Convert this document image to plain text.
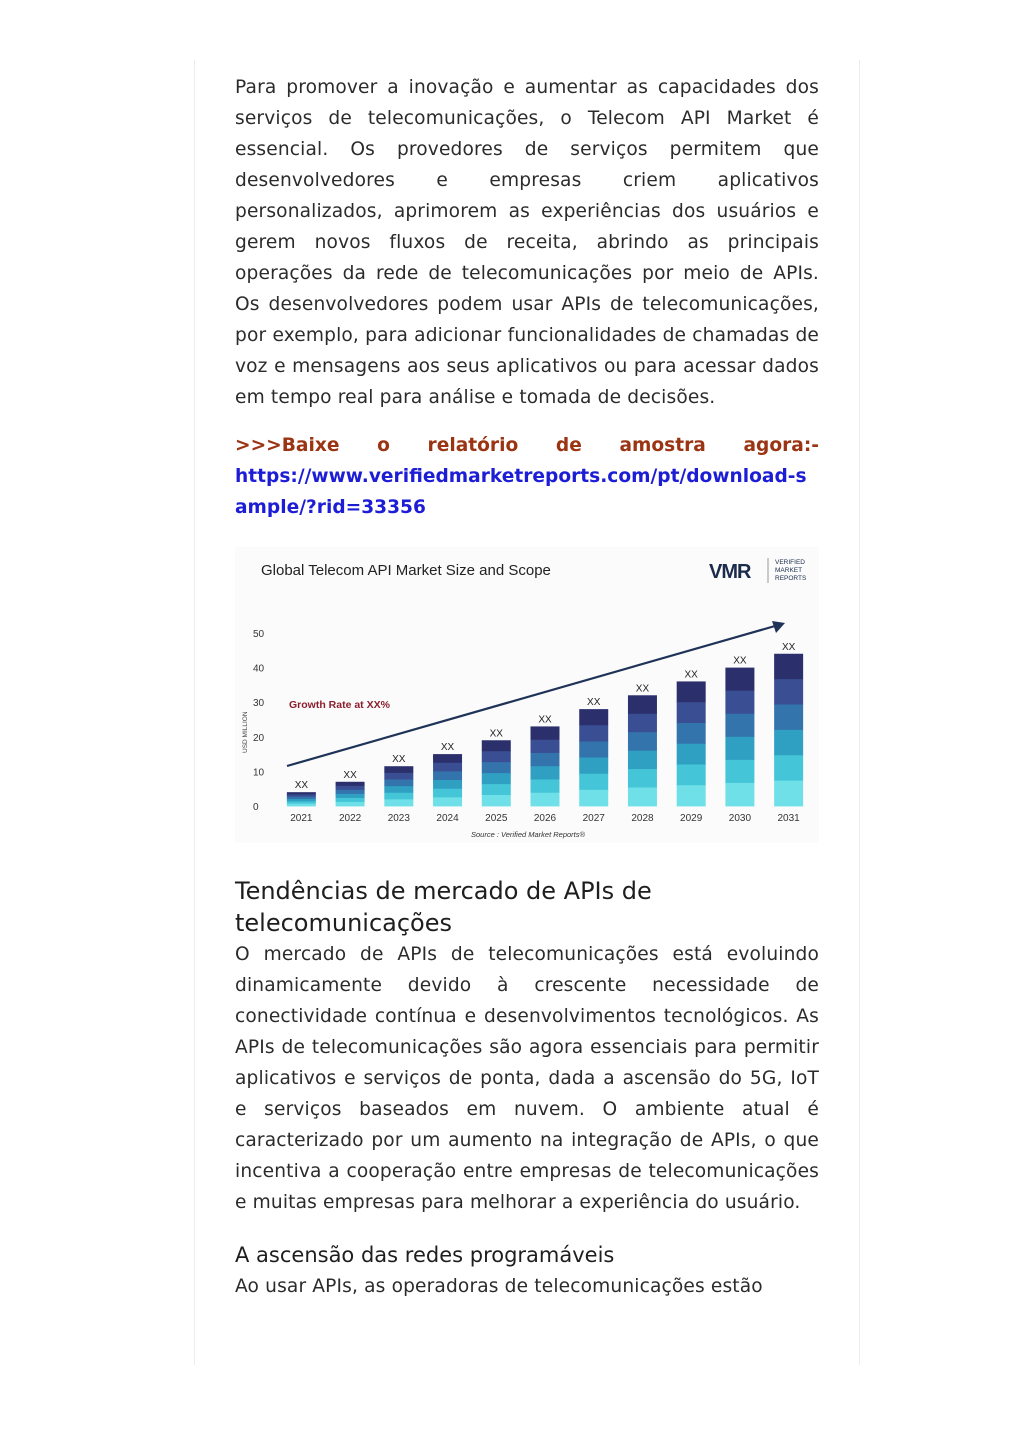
Para promover a inovação e aumentar as capacidades dos serviços de telecomunicações, o Telecom API Market é essencial. Os provedores de serviços permitem que desenvolvedores e empresas criem aplicativos personalizados, aprimorem as experiências dos usuários e gerem novos fluxos de receita, abrindo as principais operações da rede de telecomunicações por meio de APIs. Os desenvolvedores podem usar APIs de telecomunicações, por exemplo, para adicionar funcionalidades de chamadas de voz e mensagens aos seus aplicativos ou para acessar dados em tempo real para análise e tomada de decisões.

>>>Baixe o relatório de amostra agora:-

https://www.verifiedmarketreports.com/pt/download-sample/?rid=33356

Global Telecom API Market Size and Scope	VMR	VERIFIED
MARKET
REPORTS
USD MILLION
Growth Rate at XX%
0
10
20
30
40
50
XX
XX
XX
XX
XX
XX
XX
XX
XX
XX
XX
2021	2022	2023	2024	2025	2026	2027	2028	2029	2030	2031
Source : Verified Market Reports®
Tendências de mercado de APIs de telecomunicações

O mercado de APIs de telecomunicações está evoluindo dinamicamente devido à crescente necessidade de conectividade contínua e desenvolvimentos tecnológicos. As APIs de telecomunicações são agora essenciais para permitir aplicativos e serviços de ponta, dada a ascensão do 5G, IoT e serviços baseados em nuvem. O ambiente atual é caracterizado por um aumento na integração de APIs, o que incentiva a cooperação entre empresas de telecomunicações e muitas empresas para melhorar a experiência do usuário.

A ascensão das redes programáveis

Ao usar APIs, as operadoras de telecomunicações estão
